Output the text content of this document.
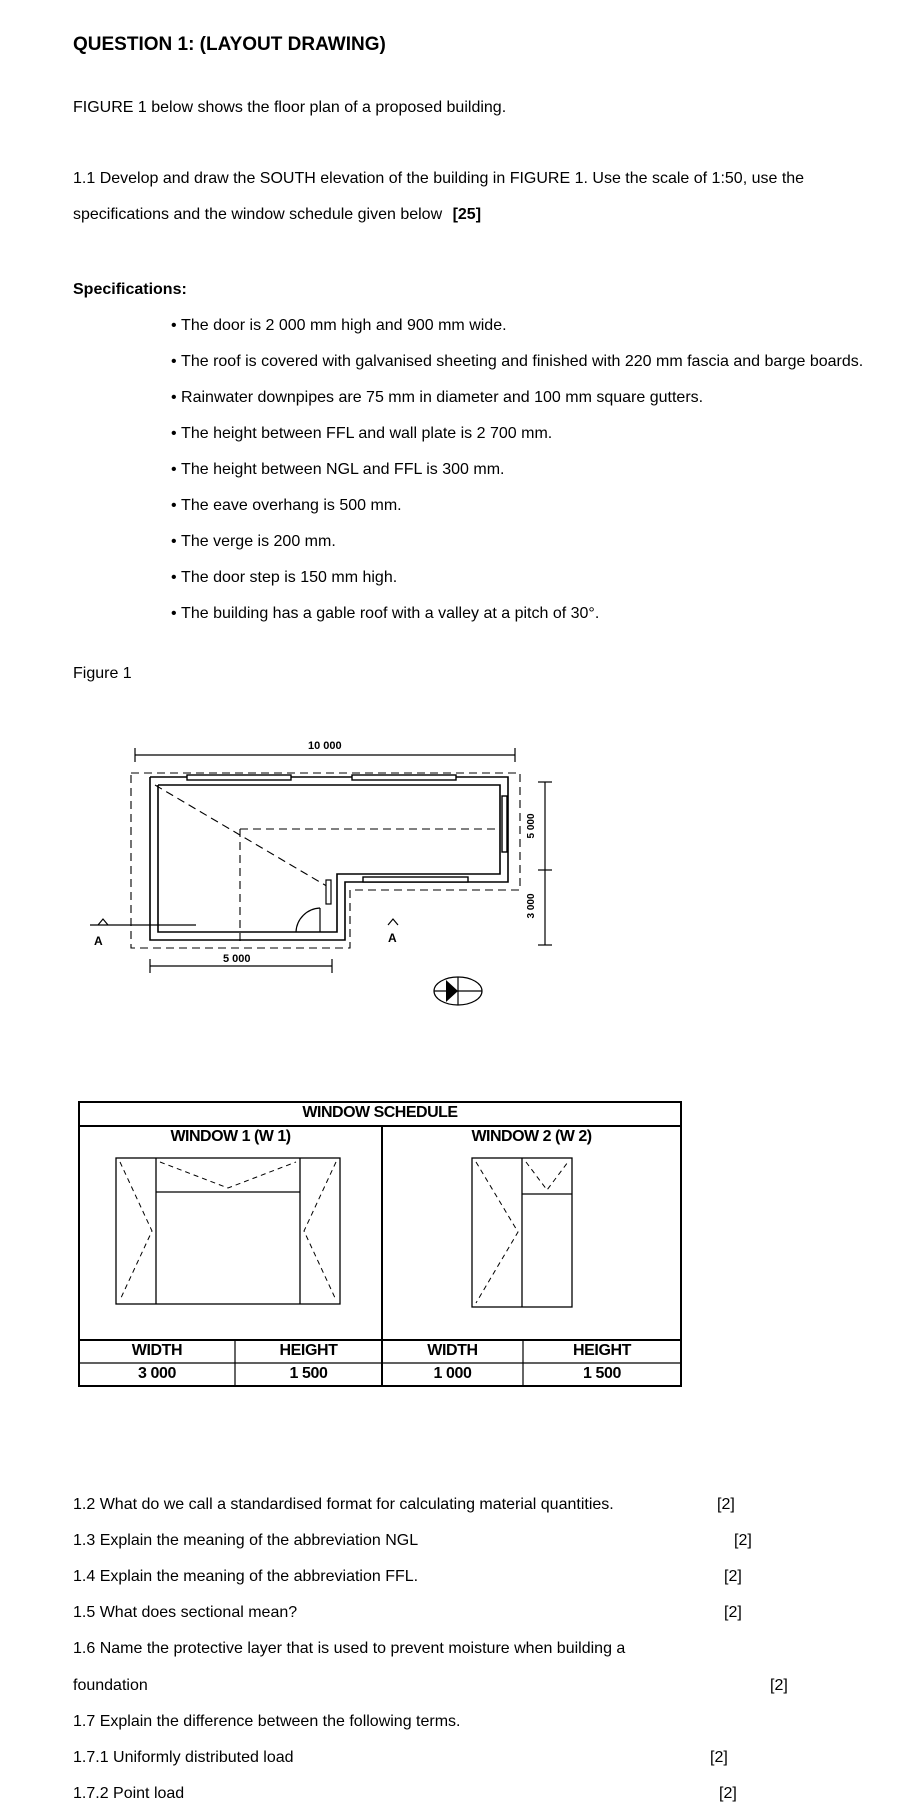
QUESTION 1: (LAYOUT DRAWING)
FIGURE 1 below shows the floor plan of a proposed building.
1.1 Develop and draw the SOUTH elevation of the building in FIGURE 1. Use the scale of 1:50, use the
specifications and the window schedule given below [25]
Specifications:
• The door is 2 000 mm high and 900 mm wide.
• The roof is covered with galvanised sheeting and finished with 220 mm fascia and barge boards.
• Rainwater downpipes are 75 mm in diameter and 100 mm square gutters.
• The height between FFL and wall plate is 2 700 mm.
• The height between NGL and FFL is 300 mm.
• The eave overhang is 500 mm.
• The verge is 200 mm.
• The door step is 150 mm high.
• The building has a gable roof with a valley at a pitch of 30°.
Figure 1
10 000
5 000
5 000
3 000
A	A
WINDOW SCHEDULE
WINDOW 1 (W 1)	WINDOW 2 (W 2)
WIDTH	HEIGHT	WIDTH	HEIGHT
3 000	1 500	1 000	1 500
1.2 What do we call a standardised format for calculating material quantities.	[2]
1.3 Explain the meaning of the abbreviation NGL	[2]
1.4 Explain the meaning of the abbreviation FFL.	[2]
1.5 What does sectional mean?	[2]
1.6 Name the protective layer that is used to prevent moisture when building a
foundation	[2]
1.7 Explain the difference between the following terms.
1.7.1 Uniformly distributed load	[2]
1.7.2 Point load	[2]
